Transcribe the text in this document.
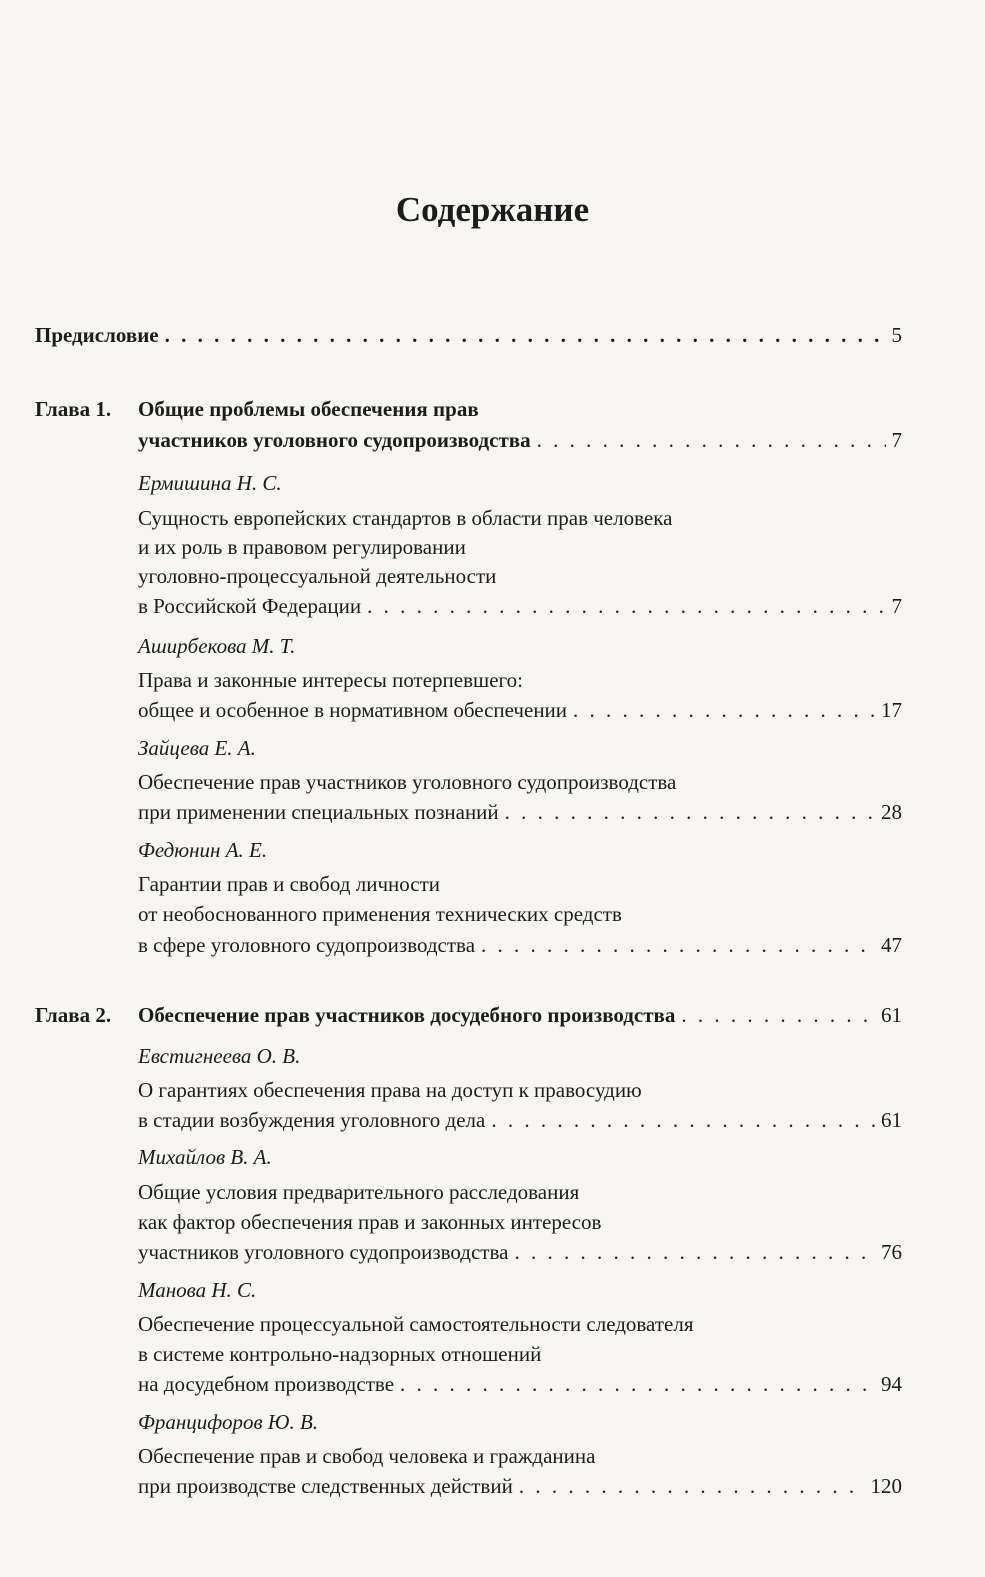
Содержание
Предисловие . . .	5
Глава 1. Общие проблемы обеспечения прав
участников уголовного судопроизводства . . .	7
Ермишина Н. С.
Сущность европейских стандартов в области прав человека
и их роль в правовом регулировании
уголовно-процессуальной деятельности
в Российской Федерации . . .	7
Аширбекова М. Т.
Права и законные интересы потерпевшего:
общее и особенное в нормативном обеспечении . . .	17
Зайцева Е. А.
Обеспечение прав участников уголовного судопроизводства
при применении специальных познаний . . .	28
Федюнин А. Е.
Гарантии прав и свобод личности
от необоснованного применения технических средств
в сфере уголовного судопроизводства . . .	47
Глава 2. Обеспечение прав участников досудебного производства . . .	61
Евстигнеева О. В.
О гарантиях обеспечения права на доступ к правосудию
в стадии возбуждения уголовного дела . . .	61
Михайлов В. А.
Общие условия предварительного расследования
как фактор обеспечения прав и законных интересов
участников уголовного судопроизводства . . .	76
Манова Н. С.
Обеспечение процессуальной самостоятельности следователя
в системе контрольно-надзорных отношений
на досудебном производстве . . .	94
Францифоров Ю. В.
Обеспечение прав и свобод человека и гражданина
при производстве следственных действий . . .	120
